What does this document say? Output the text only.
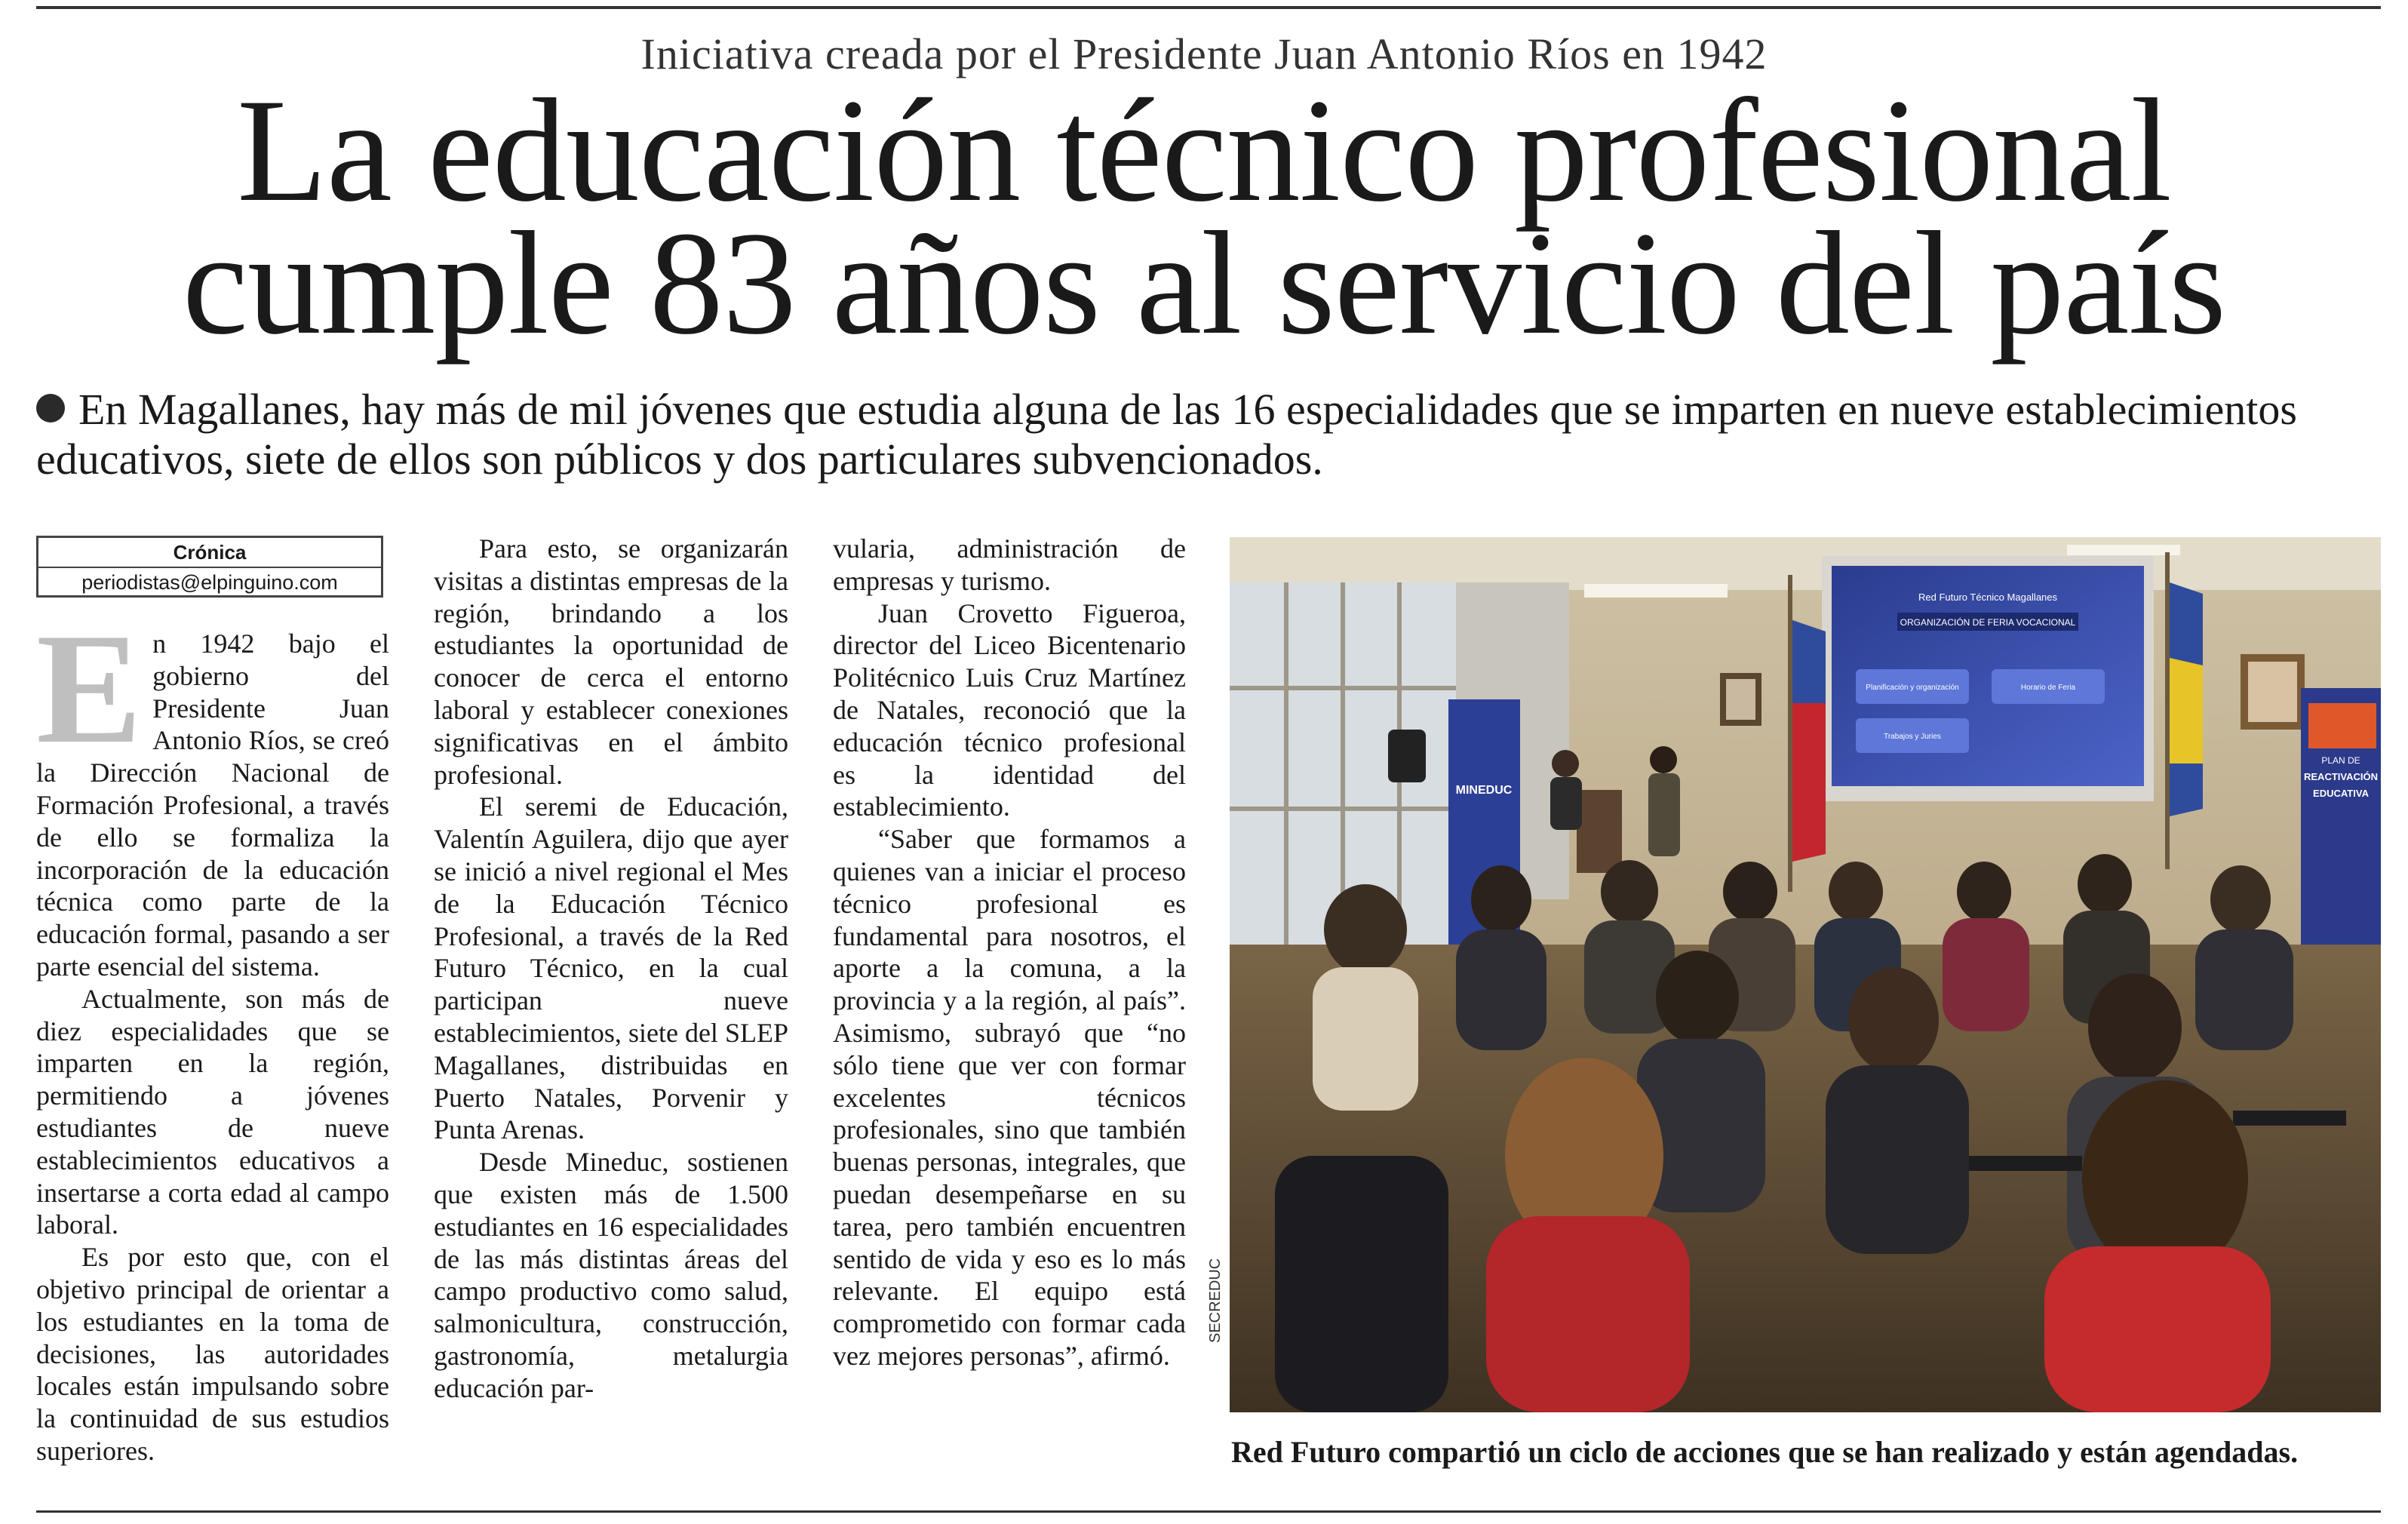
Iniciativa creada por el Presidente Juan Antonio Ríos en 1942
La educación técnico profesional
cumple 83 años al servicio del país
En Magallanes, hay más de mil jóvenes que estudia alguna de las 16 especialidades que se imparten en nueve establecimientos educativos, siete de ellos son públicos y dos particulares subvencionados.
Crónica
periodistas@elpinguino.com

En 1942 bajo el gobierno del Presidente Juan Antonio Ríos, se creó la Dirección Nacional de Formación Profesional, a través de ello se formaliza la incorporación de la educación técnica como parte de la educación formal, pasando a ser parte esencial del sistema.

Actualmente, son más de diez especialidades que se imparten en la región, permitiendo a jóvenes estudiantes de nueve establecimientos educativos a insertarse a corta edad al campo laboral.

Es por esto que, con el objetivo principal de orientar a los estudiantes en la toma de decisiones, las autoridades locales están impulsando sobre la continuidad de sus estudios superiores.

Para esto, se organizarán visitas a distintas empresas de la región, brindando a los estudiantes la oportunidad de conocer de cerca el entorno laboral y establecer conexiones significativas en el ámbito profesional.

El seremi de Educación, Valentín Aguilera, dijo que ayer se inició a nivel regional el Mes de la Educación Técnico Profesional, a través de la Red Futuro Técnico, en la cual participan nueve establecimientos, siete del SLEP Magallanes, distribuidas en Puerto Natales, Porvenir y Punta Arenas.

Desde Mineduc, sostienen que existen más de 1.500 estudiantes en 16 especialidades de las más distintas áreas del campo productivo como salud, salmonicultura, construcción, gastronomía, metalurgia educación par-

vularia, administración de empresas y turismo.

Juan Crovetto Figueroa, director del Liceo Bicentenario Politécnico Luis Cruz Martínez de Natales, reconoció que la educación técnico profesional es la identidad del establecimiento.

“Saber que formamos a quienes van a iniciar el proceso técnico profesional es fundamental para nosotros, el aporte a la comuna, a la provincia y a la región, al país”. Asimismo, subrayó que “no sólo tiene que ver con formar excelentes técnicos profesionales, sino que también buenas personas, integrales, que puedan desempeñarse en su tarea, pero también encuentren sentido de vida y eso es lo más relevante. El equipo está comprometido con formar cada vez mejores personas”, afirmó.

Red Futuro Técnico Magallanes
ORGANIZACIÓN DE FERIA VOCACIONAL
Planificación y organización	Horario de Feria
Trabajos y Juries
MINEDUC
PLAN DE
REACTIVACIÓN
EDUCATIVA
SECREDUC
Red Futuro compartió un ciclo de acciones que se han realizado y están agendadas.
